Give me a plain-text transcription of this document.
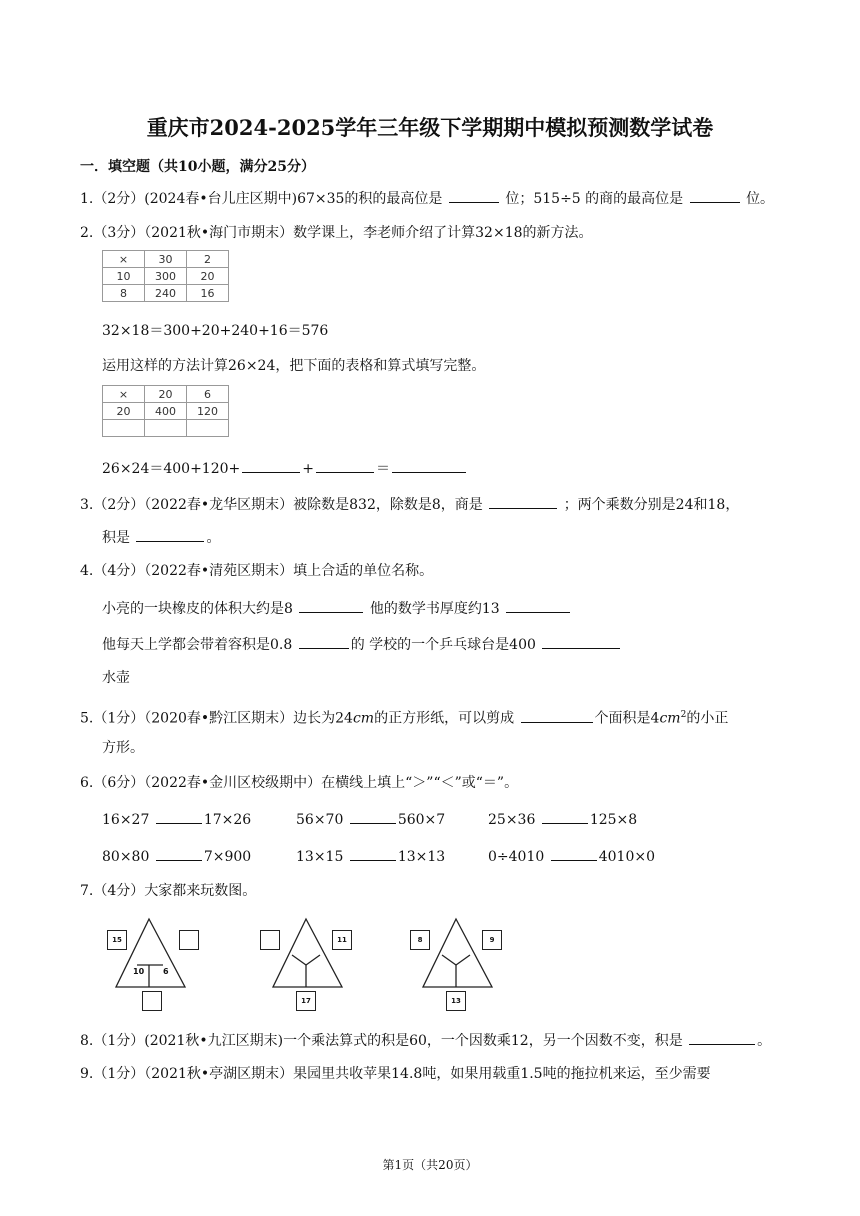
重庆市2024-2025学年三年级下学期期中模拟预测数学试卷
一．填空题（共10小题，满分25分）
1.（2分）(2024春•台儿庄区期中)67×35的积的最高位是	位；515÷5 的商的最高位是	位。
2.（3分）（2021秋•海门市期末）数学课上，李老师介绍了计算32×18的新方法。
×	30	2
10	300	20
8	240	16
32×18＝300+20+240+16＝576
运用这样的方法计算26×24，把下面的表格和算式填写完整。
×	20	6
20	400	120

26×24＝400+120+	+	＝
3.（2分）（2022春•龙华区期末）被除数是832，除数是8，商是	；两个乘数分别是24和18，
积是	。
4.（4分）（2022春•清苑区期末）填上合适的单位名称。
小亮的一块橡皮的体积大约是8	他的数学书厚度约13
他每天上学都会带着容积是0.8	的 学校的一个乒乓球台是400
水壶
5.（1分）（2020春•黔江区期末）边长为24cm的正方形纸，可以剪成	个面积是$4cm^2$的小正
方形。
6.（6分）（2022春•金川区校级期中）在横线上填上“＞”“＜”或“＝”。
16×27	17×26	56×70	560×7	25×36	125×8
80×80	7×900	13×15	13×13	0÷4010	4010×0
7.（4分）大家都来玩数图。
15
10 6
11
17
8	9
13
8.（1分）(2021秋•九江区期末)一个乘法算式的积是60，一个因数乘12，另一个因数不变，积是	。
9.（1分）（2021秋•亭湖区期末）果园里共收苹果14.8吨，如果用载重1.5吨的拖拉机来运，至少需要
第1页（共20页）
